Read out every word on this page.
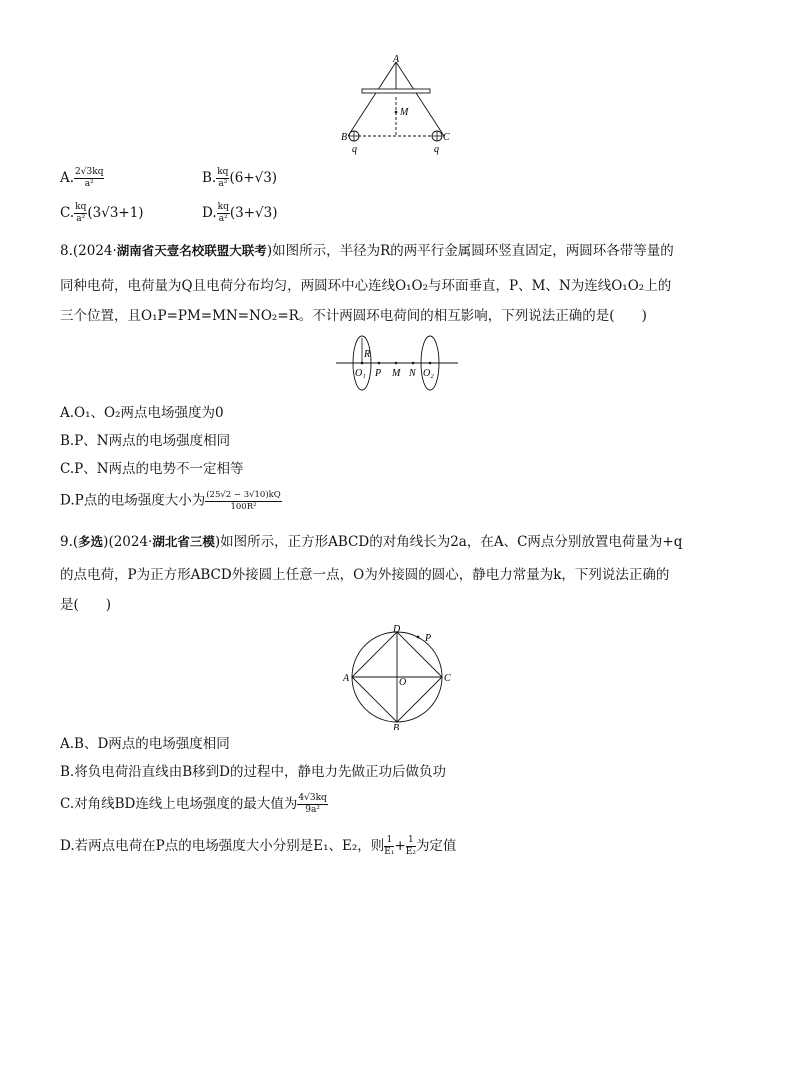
A
M
B	C
q	q
A. $\frac{2√3kq}{\text{a²}}$	B. $\frac{kq}{\text{a²}} (6+√3)$
C. $\frac{kq}{\text{a²}} (3√3+1)$	D. $\frac{kq}{\text{a²}} (3+√3)$
8.(2024·湖南省天壹名校联盟大联考)如图所示，半径为R的两平行金属圆环竖直固定，两圆环各带等量的
同种电荷，电荷量为Q且电荷分布均匀，两圆环中心连线O₁O₂与环面垂直，P、M、N为连线O₁O₂上的
三个位置，且O₁P=PM=MN=NO₂=R。不计两圆环电荷间的相互影响，下列说法正确的是(　　)
R
O₁ P M N O₂
A.O₁、O₂两点电场强度为0
B.P、N两点的电场强度相同
C.P、N两点的电势不一定相等
D.P点的电场强度大小为 $\frac{(25√2 - 3√10)kQ}{\text{100R²}}$
9.(多选)(2024·湖北省三模)如图所示，正方形ABCD的对角线长为2a，在A、C两点分别放置电荷量为+q
的点电荷，P为正方形ABCD外接圆上任意一点，O为外接圆的圆心，静电力常量为k，下列说法正确的
是(　　)
D
P
A	O	C
B
A.B、D两点的电场强度相同
B.将负电荷沿直线由B移到D的过程中，静电力先做正功后做负功
C.对角线BD连线上电场强度的最大值为 $\frac{4√3kq}{\text{9a²}}$
D.若两点电荷在P点的电场强度大小分别是E₁、E₂，则 $\frac{1}{\text{E₁}} + \frac{1}{\text{E₂}}$ 为定值
